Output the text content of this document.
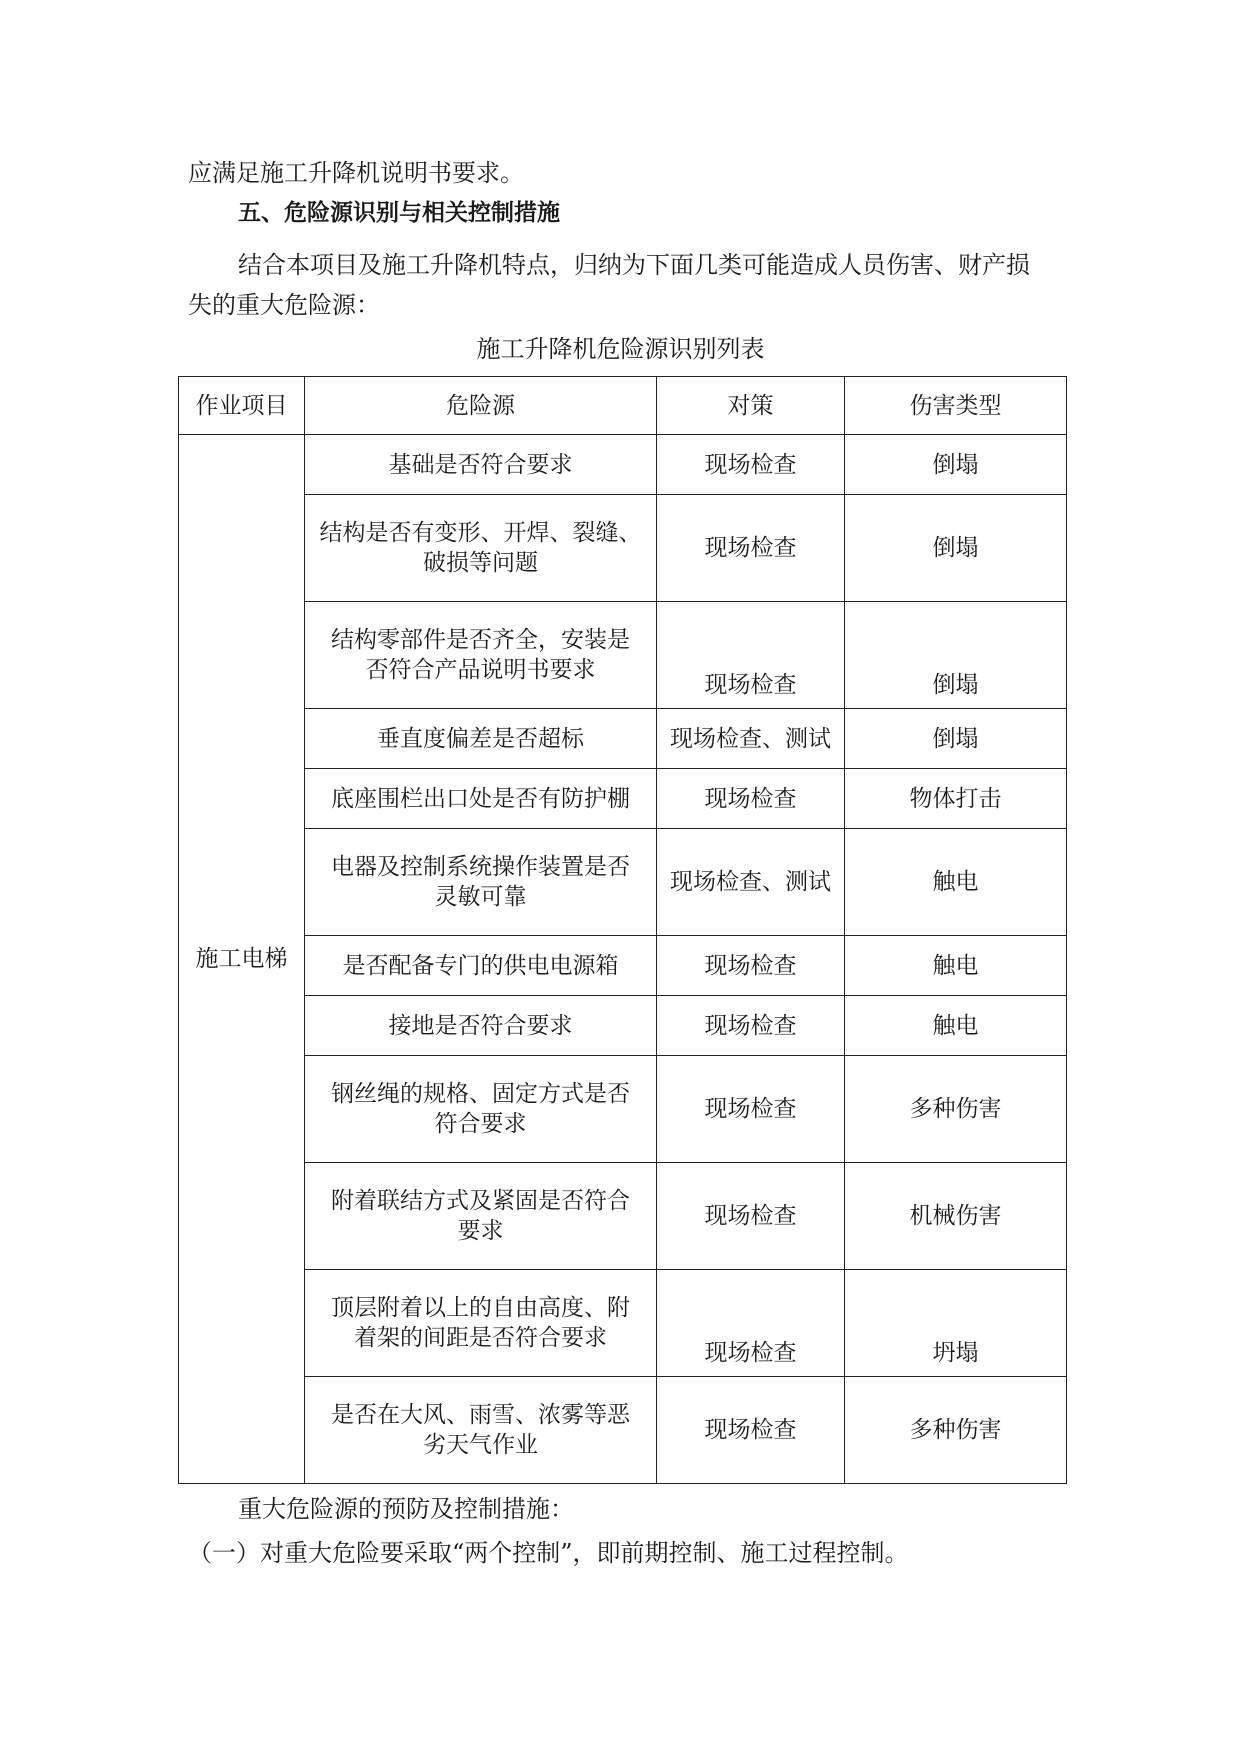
应满足施工升降机说明书要求。
五、危险源识别与相关控制措施
结合本项目及施工升降机特点，归纳为下面几类可能造成人员伤害、财产损
失的重大危险源：
施工升降机危险源识别列表
作业项目	危险源	对策	伤害类型
施工电梯	基础是否符合要求	现场检查	倒塌
	结构是否有变形、开焊、裂缝、
破损等问题	现场检查	倒塌
	结构零部件是否齐全，安装是
否符合产品说明书要求	现场检查	倒塌
	垂直度偏差是否超标	现场检查、测试	倒塌
	底座围栏出口处是否有防护棚	现场检查	物体打击
	电器及控制系统操作装置是否
灵敏可靠	现场检查、测试	触电
	是否配备专门的供电电源箱	现场检查	触电
	接地是否符合要求	现场检查	触电
	钢丝绳的规格、固定方式是否
符合要求	现场检查	多种伤害
	附着联结方式及紧固是否符合
要求	现场检查	机械伤害
	顶层附着以上的自由高度、附
着架的间距是否符合要求	现场检查	坍塌
	是否在大风、雨雪、浓雾等恶
劣天气作业	现场检查	多种伤害
重大危险源的预防及控制措施：
（一）对重大危险要采取“两个控制”，即前期控制、施工过程控制。
